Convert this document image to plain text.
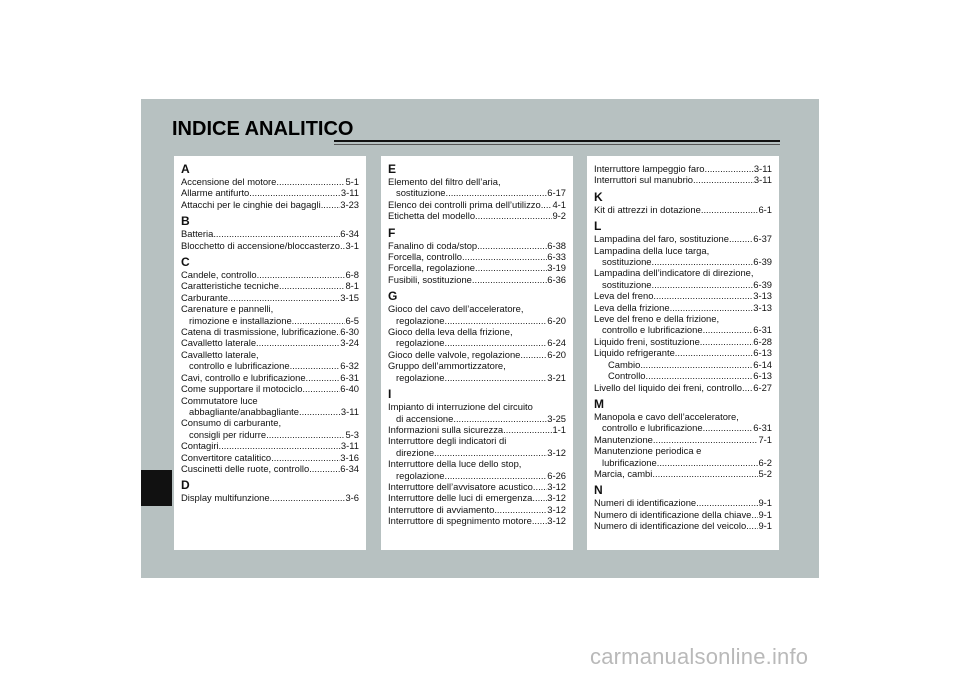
INDICE ANALITICO
A
Accensione del motore .....	5-1
Allarme antifurto .....	3-11
Attacchi per le cinghie dei bagagli ..... 3-23
B
Batteria .....	6-34
Blocchetto di accensione/bloccasterzo ..... 3-1
C
Candele, controllo .....	6-8
Caratteristiche tecniche .....	8-1
Carburante .....	3-15
Carenature e pannelli,
rimozione e installazione .....	6-5
Catena di trasmissione, lubrificazione ..... 6-30
Cavalletto laterale .....	3-24
Cavalletto laterale,
controllo e lubrificazione .....	6-32
Cavi, controllo e lubrificazione .....	6-31
Come supportare il motociclo .....	6-40
Commutatore luce
abbagliante/anabbagliante .....	3-11
Consumo di carburante,
consigli per ridurre .....	5-3
Contagiri .....	3-11
Convertitore catalitico .....	3-16
Cuscinetti delle ruote, controllo .....	6-34
D
Display multifunzione .....	3-6
E
Elemento del filtro dell’aria,
sostituzione .....	6-17
Elenco dei controlli prima dell’utilizzo ..... 4-1
Etichetta del modello .....	9-2
F
Fanalino di coda/stop .....	6-38
Forcella, controllo .....	6-33
Forcella, regolazione .....	3-19
Fusibili, sostituzione .....	6-36
G
Gioco del cavo dell’acceleratore,
regolazione .....	6-20
Gioco della leva della frizione,
regolazione .....	6-24
Gioco delle valvole, regolazione .....	6-20
Gruppo dell’ammortizzatore,
regolazione .....	3-21
I
Impianto di interruzione del circuito
di accensione .....	3-25
Informazioni sulla sicurezza .....	1-1
Interruttore degli indicatori di
direzione .....	3-12
Interruttore della luce dello stop,
regolazione .....	6-26
Interruttore dell’avvisatore acustico ..... 3-12
Interruttore delle luci di emergenza ..... 3-12
Interruttore di avviamento .....	3-12
Interruttore di spegnimento motore ..... 3-12
Interruttore lampeggio faro .....	3-11
Interruttori sul manubrio .....	3-11
K
Kit di attrezzi in dotazione .....	6-1
L
Lampadina del faro, sostituzione .....	6-37
Lampadina della luce targa,
sostituzione .....	6-39
Lampadina dell’indicatore di direzione,
sostituzione .....	6-39
Leva del freno .....	3-13
Leva della frizione .....	3-13
Leve del freno e della frizione,
controllo e lubrificazione .....	6-31
Liquido freni, sostituzione .....	6-28
Liquido refrigerante .....	6-13
Cambio .....	6-14
Controllo .....	6-13
Livello del liquido dei freni, controllo ..... 6-27
M
Manopola e cavo dell’acceleratore,
controllo e lubrificazione .....	6-31
Manutenzione .....	7-1
Manutenzione periodica e
lubrificazione .....	6-2
Marcia, cambi .....	5-2
N
Numeri di identificazione .....	9-1
Numero di identificazione della chiave ..... 9-1
Numero di identificazione del veicolo ..... 9-1
carmanualsonline.info
